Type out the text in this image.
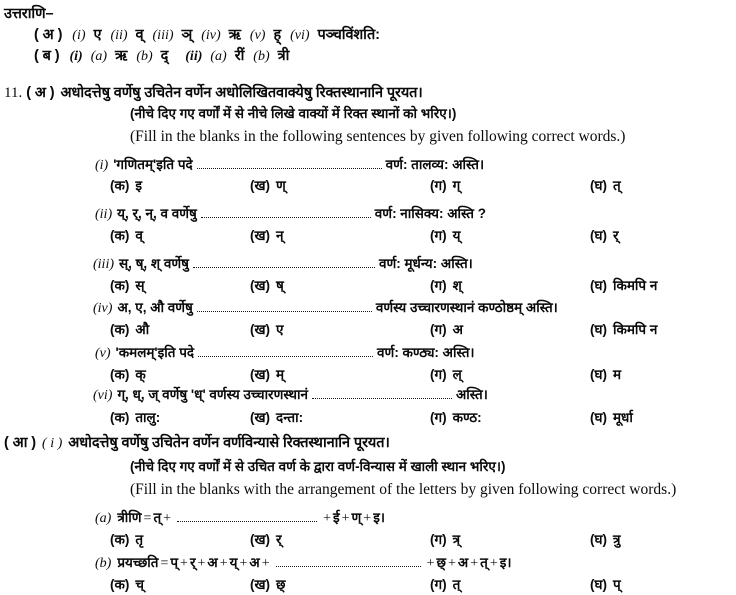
उत्तराणि–
( अ ) (i) ए (ii) व् (iii) ञ् (iv) ऋ (v) ह् (vi) पञ्चविंशति:
( ब ) (i) (a) ऋ (b) द् (ii) (a) रीं (b) त्री
11. ( अ ) अधोदत्तेषु वर्णेषु उचितेन वर्णेन अधोलिखितवाक्येषु रिक्तस्थानानि पूरयत।
(नीचे दिए गए वर्णों में से नीचे लिखे वाक्यों में रिक्त स्थानों को भरिए।)
(Fill in the blanks in the following sentences by given following correct words.)
(i) 'गणितम्'इति पदे	वर्ण: तालव्य: अस्ति।
(क) इ	(ख) ण्	(ग) ग्	(घ) त्
(ii) य्, र्, न्, व वर्णेषु	वर्ण: नासिक्य: अस्ति ?
(क) व्	(ख) न्	(ग) य्	(घ) र्
(iii) स्, ष्, श् वर्णेषु	वर्ण: मूर्धन्य: अस्ति।
(क) स्	(ख) ष्	(ग) श्	(घ) किमपि न
(iv) अ, ए, औ वर्णेषु	वर्णस्य उच्चारणस्थानं कण्ठोष्ठम् अस्ति।
(क) औ	(ख) ए	(ग) अ	(घ) किमपि न
(v) 'कमलम्'इति पदे	वर्ण: कण्ठ्य: अस्ति।
(क) क्	(ख) म्	(ग) ल्	(घ) म
(vi) ग्, ध्, ज् वर्णेषु 'ध्' वर्णस्य उच्चारणस्थानं	अस्ति।
(क) तालु:	(ख) दन्ता:	(ग) कण्ठ:	(घ) मूर्धा
( आ ) ( i ) अधोदत्तेषु वर्णेषु उचितेन वर्णेन वर्णविन्यासे रिक्तस्थानानि पूरयत।
(नीचे दिए गए वर्णों में से उचित वर्ण के द्वारा वर्ण-विन्यास में खाली स्थान भरिए।)
(Fill in the blanks with the arrangement of the letters by given following correct words.)
(a) त्रीणि = त् +	+ ई + ण् + इ।
(क) तृ	(ख) र्	(ग) त्र्	(घ) त्रु
(b) प्रयच्छति = प् + र् + अ + य् + अ +	+ छ् + अ + त् + इ।
(क) च्	(ख) छ्	(ग) त्	(घ) प्
